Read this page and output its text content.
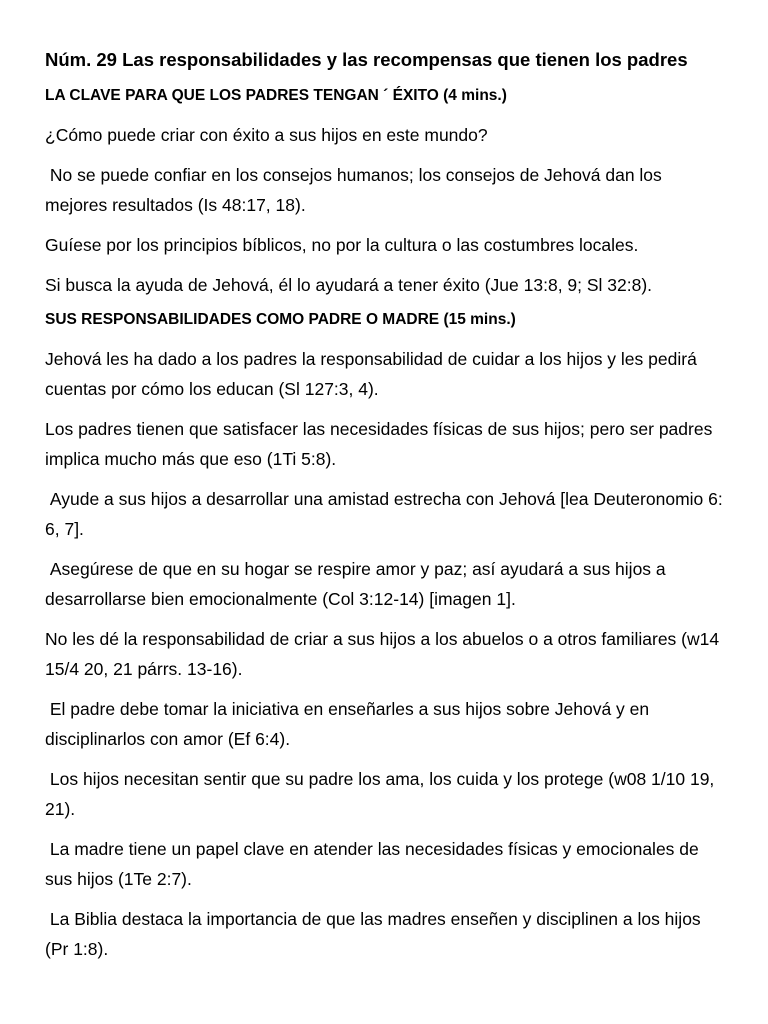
Núm. 29 Las responsabilidades y las recompensas que tienen los padres
LA CLAVE PARA QUE LOS PADRES TENGAN ´ ÉXITO (4 mins.)
¿Cómo puede criar con éxito a sus hijos en este mundo?
No se puede confiar en los consejos humanos; los consejos de Jehová dan los mejores resultados (Is 48:17, 18).
Guíese por los principios bíblicos, no por la cultura o las costumbres locales.
Si busca la ayuda de Jehová, él lo ayudará a tener éxito (Jue 13:8, 9; Sl 32:8).
SUS RESPONSABILIDADES COMO PADRE O MADRE (15 mins.)
Jehová les ha dado a los padres la responsabilidad de cuidar a los hijos y les pedirá cuentas por cómo los educan (Sl 127:3, 4).
Los padres tienen que satisfacer las necesidades físicas de sus hijos; pero ser padres implica mucho más que eso (1Ti 5:8).
Ayude a sus hijos a desarrollar una amistad estrecha con Jehová [lea Deuteronomio 6: 6, 7].
Asegúrese de que en su hogar se respire amor y paz; así ayudará a sus hijos a desarrollarse bien emocionalmente (Col 3:12-14) [imagen 1].
No les dé la responsabilidad de criar a sus hijos a los abuelos o a otros familiares (w14 15/4 20, 21 párrs. 13-16).
El padre debe tomar la iniciativa en enseñarles a sus hijos sobre Jehová y en disciplinarlos con amor (Ef 6:4).
Los hijos necesitan sentir que su padre los ama, los cuida y los protege (w08 1/10 19, 21).
La madre tiene un papel clave en atender las necesidades físicas y emocionales de sus hijos (1Te 2:7).
La Biblia destaca la importancia de que las madres enseñen y disciplinen a los hijos (Pr 1:8).
